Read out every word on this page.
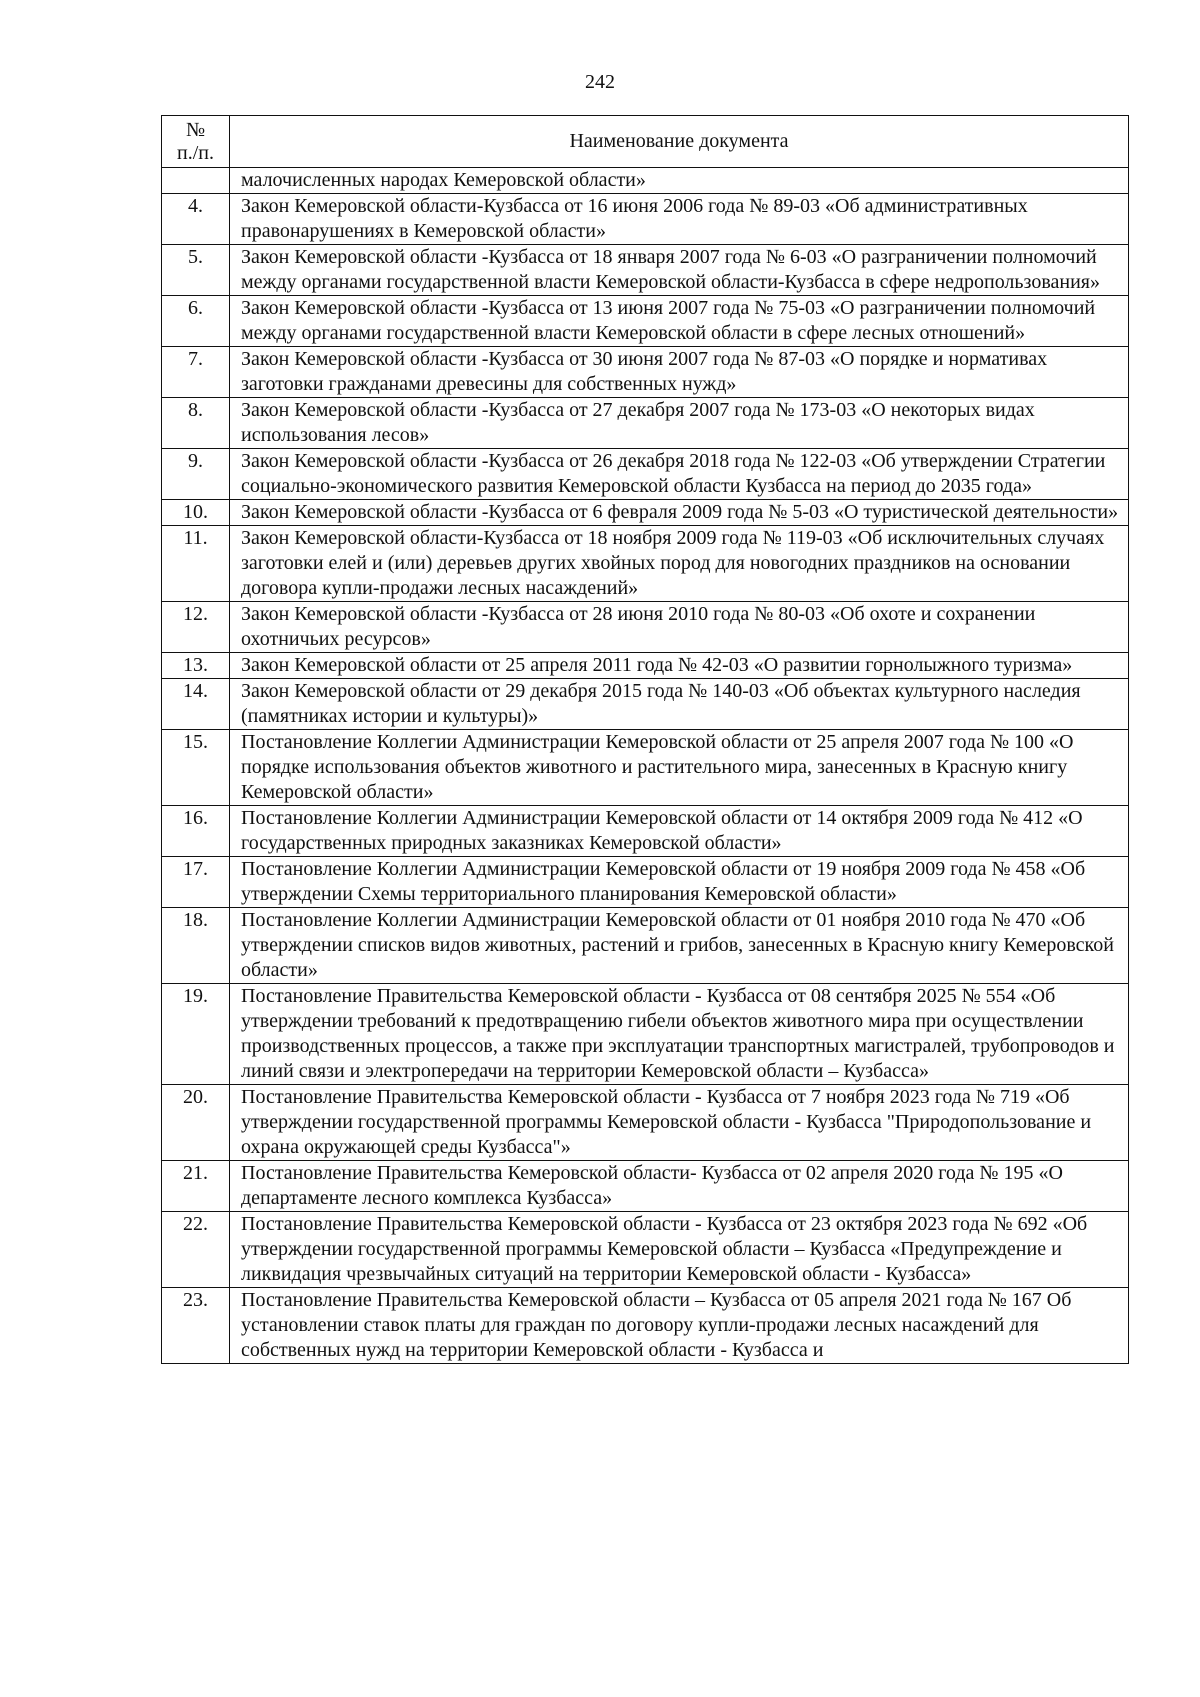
242
№
п./п.	Наименование документа
	малочисленных народах Кемеровской области»
4.	Закон Кемеровской области-Кузбасса от 16 июня 2006 года № 89-03 «Об административных правонарушениях в Кемеровской области»
5.	Закон Кемеровской области -Кузбасса от 18 января 2007 года № 6-03 «О разграничении полномочий между органами государственной власти Кемеровской области-Кузбасса в сфере недропользования»
6.	Закон Кемеровской области -Кузбасса от 13 июня 2007 года № 75-03 «О разграничении полномочий между органами государственной власти Кемеровской области в сфере лесных отношений»
7.	Закон Кемеровской области -Кузбасса от 30 июня 2007 года № 87-03 «О порядке и нормативах заготовки гражданами древесины для собственных нужд»
8.	Закон Кемеровской области -Кузбасса от 27 декабря 2007 года № 173-03 «О некоторых видах использования лесов»
9.	Закон Кемеровской области -Кузбасса от 26 декабря 2018 года № 122-03 «Об утверждении Стратегии социально-экономического развития Кемеровской области Кузбасса на период до 2035 года»
10.	Закон Кемеровской области -Кузбасса от 6 февраля 2009 года № 5-03 «О туристической деятельности»
11.	Закон Кемеровской области-Кузбасса от 18 ноября 2009 года № 119-03 «Об исключительных случаях заготовки елей и (или) деревьев других хвойных пород для новогодних праздников на основании договора купли-продажи лесных насаждений»
12.	Закон Кемеровской области -Кузбасса от 28 июня 2010 года № 80-03 «Об охоте и сохранении охотничьих ресурсов»
13.	Закон Кемеровской области от 25 апреля 2011 года № 42-03 «О развитии горнолыжного туризма»
14.	Закон Кемеровской области от 29 декабря 2015 года № 140-03 «Об объектах культурного наследия (памятниках истории и культуры)»
15.	Постановление Коллегии Администрации Кемеровской области от 25 апреля 2007 года № 100 «О порядке использования объектов животного и растительного мира, занесенных в Красную книгу Кемеровской области»
16.	Постановление Коллегии Администрации Кемеровской области от 14 октября 2009 года № 412 «О государственных природных заказниках Кемеровской области»
17.	Постановление Коллегии Администрации Кемеровской области от 19 ноября 2009 года № 458 «Об утверждении Схемы территориального планирования Кемеровской области»
18.	Постановление Коллегии Администрации Кемеровской области от 01 ноября 2010 года № 470 «Об утверждении списков видов животных, растений и грибов, занесенных в Красную книгу Кемеровской области»
19.	Постановление Правительства Кемеровской области - Кузбасса от 08 сентября 2025 № 554 «Об утверждении требований к предотвращению гибели объектов животного мира при осуществлении производственных процессов, а также при эксплуатации транспортных магистралей, трубопроводов и линий связи и электропередачи на территории Кемеровской области – Кузбасса»
20.	Постановление Правительства Кемеровской области - Кузбасса от 7 ноября 2023 года № 719 «Об утверждении государственной программы Кемеровской области - Кузбасса "Природопользование и охрана окружающей среды Кузбасса"»
21.	Постановление Правительства Кемеровской области- Кузбасса от 02 апреля 2020 года № 195 «О департаменте лесного комплекса Кузбасса»
22.	Постановление Правительства Кемеровской области - Кузбасса от 23 октября 2023 года № 692 «Об утверждении государственной программы Кемеровской области – Кузбасса «Предупреждение и ликвидация чрезвычайных ситуаций на территории Кемеровской области - Кузбасса»
23.	Постановление Правительства Кемеровской области – Кузбасса от 05 апреля 2021 года № 167 Об установлении ставок платы для граждан по договору купли-продажи лесных насаждений для собственных нужд на территории Кемеровской области - Кузбасса и
